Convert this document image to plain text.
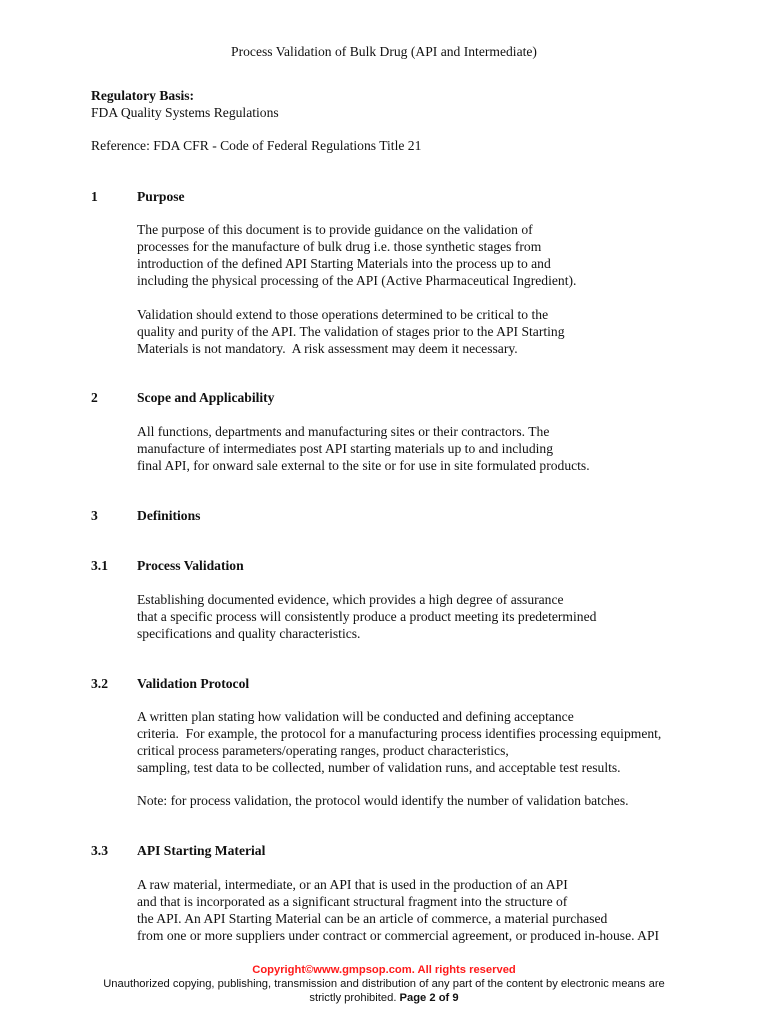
Process Validation of Bulk Drug (API and Intermediate)
Regulatory Basis:
FDA Quality Systems Regulations
Reference: FDA CFR - Code of Federal Regulations Title 21
1	Purpose
The purpose of this document is to provide guidance on the validation of
processes for the manufacture of bulk drug i.e. those synthetic stages from
introduction of the defined API Starting Materials into the process up to and
including the physical processing of the API (Active Pharmaceutical Ingredient).
Validation should extend to those operations determined to be critical to the
quality and purity of the API. The validation of stages prior to the API Starting
Materials is not mandatory.  A risk assessment may deem it necessary.
2	Scope and Applicability
All functions, departments and manufacturing sites or their contractors. The
manufacture of intermediates post API starting materials up to and including
final API, for onward sale external to the site or for use in site formulated products.
3	Definitions
3.1 Process Validation
Establishing documented evidence, which provides a high degree of assurance
that a specific process will consistently produce a product meeting its predetermined
specifications and quality characteristics.
3.2 Validation Protocol
A written plan stating how validation will be conducted and defining acceptance
criteria.  For example, the protocol for a manufacturing process identifies processing equipment,
critical process parameters/operating ranges, product characteristics,
sampling, test data to be collected, number of validation runs, and acceptable test results.
Note: for process validation, the protocol would identify the number of validation batches.
3.3 API Starting Material
A raw material, intermediate, or an API that is used in the production of an API
and that is incorporated as a significant structural fragment into the structure of
the API. An API Starting Material can be an article of commerce, a material purchased
from one or more suppliers under contract or commercial agreement, or produced in-house. API
Copyright©www.gmpsop.com. All rights reserved
Unauthorized copying, publishing, transmission and distribution of any part of the content by electronic means are
strictly prohibited. Page 2 of 9
